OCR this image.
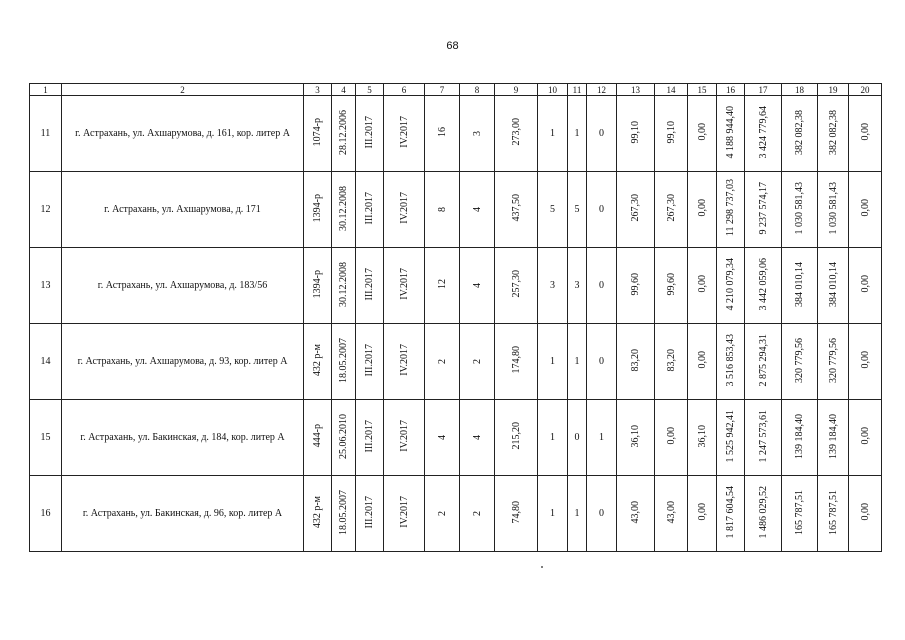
68
1	2	3	4	5	6	7	8	9	10	11	12	13	14	15	16	17	18	19	20
11	г. Астрахань, ул. Ахшарумова, д. 161, кор. литер А	1074-р	28.12.2006	III.2017	IV.2017	16	3	273,00	1	1	0	99,10	99,10	0,00	4 188 944,40	3 424 779,64	382 082,38	382 082,38	0,00
12	г. Астрахань, ул. Ахшарумова, д. 171	1394-р	30.12.2008	III.2017	IV.2017	8	4	437,50	5	5	0	267,30	267,30	0,00	11 298 737,03	9 237 574,17	1 030 581,43	1 030 581,43	0,00
13	г. Астрахань, ул. Ахшарумова, д. 183/56	1394-р	30.12.2008	III.2017	IV.2017	12	4	257,30	3	3	0	99,60	99,60	0,00	4 210 079,34	3 442 059,06	384 010,14	384 010,14	0,00
14	г. Астрахань, ул. Ахшарумова, д. 93, кор. литер А	432 р-м	18.05.2007	III.2017	IV.2017	2	2	174,80	1	1	0	83,20	83,20	0,00	3 516 853,43	2 875 294,31	320 779,56	320 779,56	0,00
15	г. Астрахань, ул. Бакинская, д. 184, кор. литер А	444-р	25.06.2010	III.2017	IV.2017	4	4	215,20	1	0	1	36,10	0,00	36,10	1 525 942,41	1 247 573,61	139 184,40	139 184,40	0,00
16	г. Астрахань, ул. Бакинская, д. 96, кор. литер А	432 р-м	18.05.2007	III.2017	IV.2017	2	2	74,80	1	1	0	43,00	43,00	0,00	1 817 604,54	1 486 029,52	165 787,51	165 787,51	0,00
